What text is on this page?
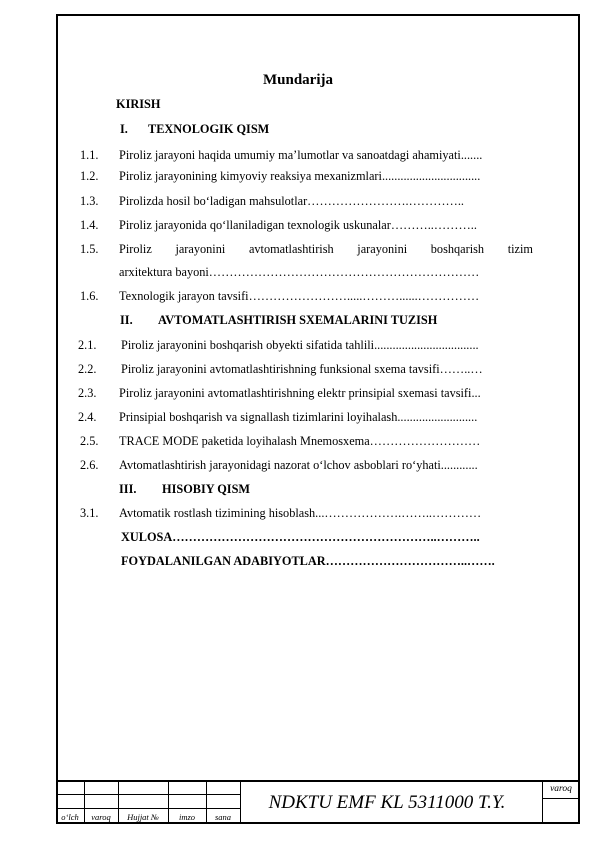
Mundarija
KIRISH
I. TEXNOLOGIK QISM
1.1. Piroliz jarayoni haqida umumiy ma’lumotlar va sanoatdagi ahamiyati.......
1.2. Piroliz jarayonining kimyoviy reaksiya mexanizmlari................................
1.3. Pirolizda hosil bo‘ladigan mahsulotlar…………………….…………..
1.4. Piroliz jarayonida qo‘llaniladigan texnologik uskunalar………..………..
1.5. Piroliz jarayonini avtomatlashtirish jarayonini boshqarish tizim
arxitektura bayoni…………………………………………………………
1.6. Texnologik jarayon tavsifi…………………….....………......……………
II. AVTOMATLASHTIRISH SXEMALARINI TUZISH
2.1. Piroliz jarayonini boshqarish obyekti sifatida tahlili..................................
2.2. Piroliz jarayonini avtomatlashtirishning funksional sxema tavsifi……..…
2.3. Piroliz jarayonini avtomatlashtirishning elektr prinsipial sxemasi tavsifi...
2.4. Prinsipial boshqarish va signallash tizimlarini loyihalash..........................
2.5. TRACE MODE paketida loyihalash Mnemosxema………………………
2.6. Avtomatlashtirish jarayonidagi nazorat o‘lchov asboblari ro‘yhati............
III. HISOBIY QISM
3.1. Avtomatik rostlash tizimining hisoblash...……………….……..…………
XULOSA………………………………………………………..………..
FOYDALANILGAN ADABIYOTLAR……………………………..…….
o‘lch	varoq	Hujjat №	imzo	sana
NDKTU EMF KL 5311000 T.Y.
varoq
